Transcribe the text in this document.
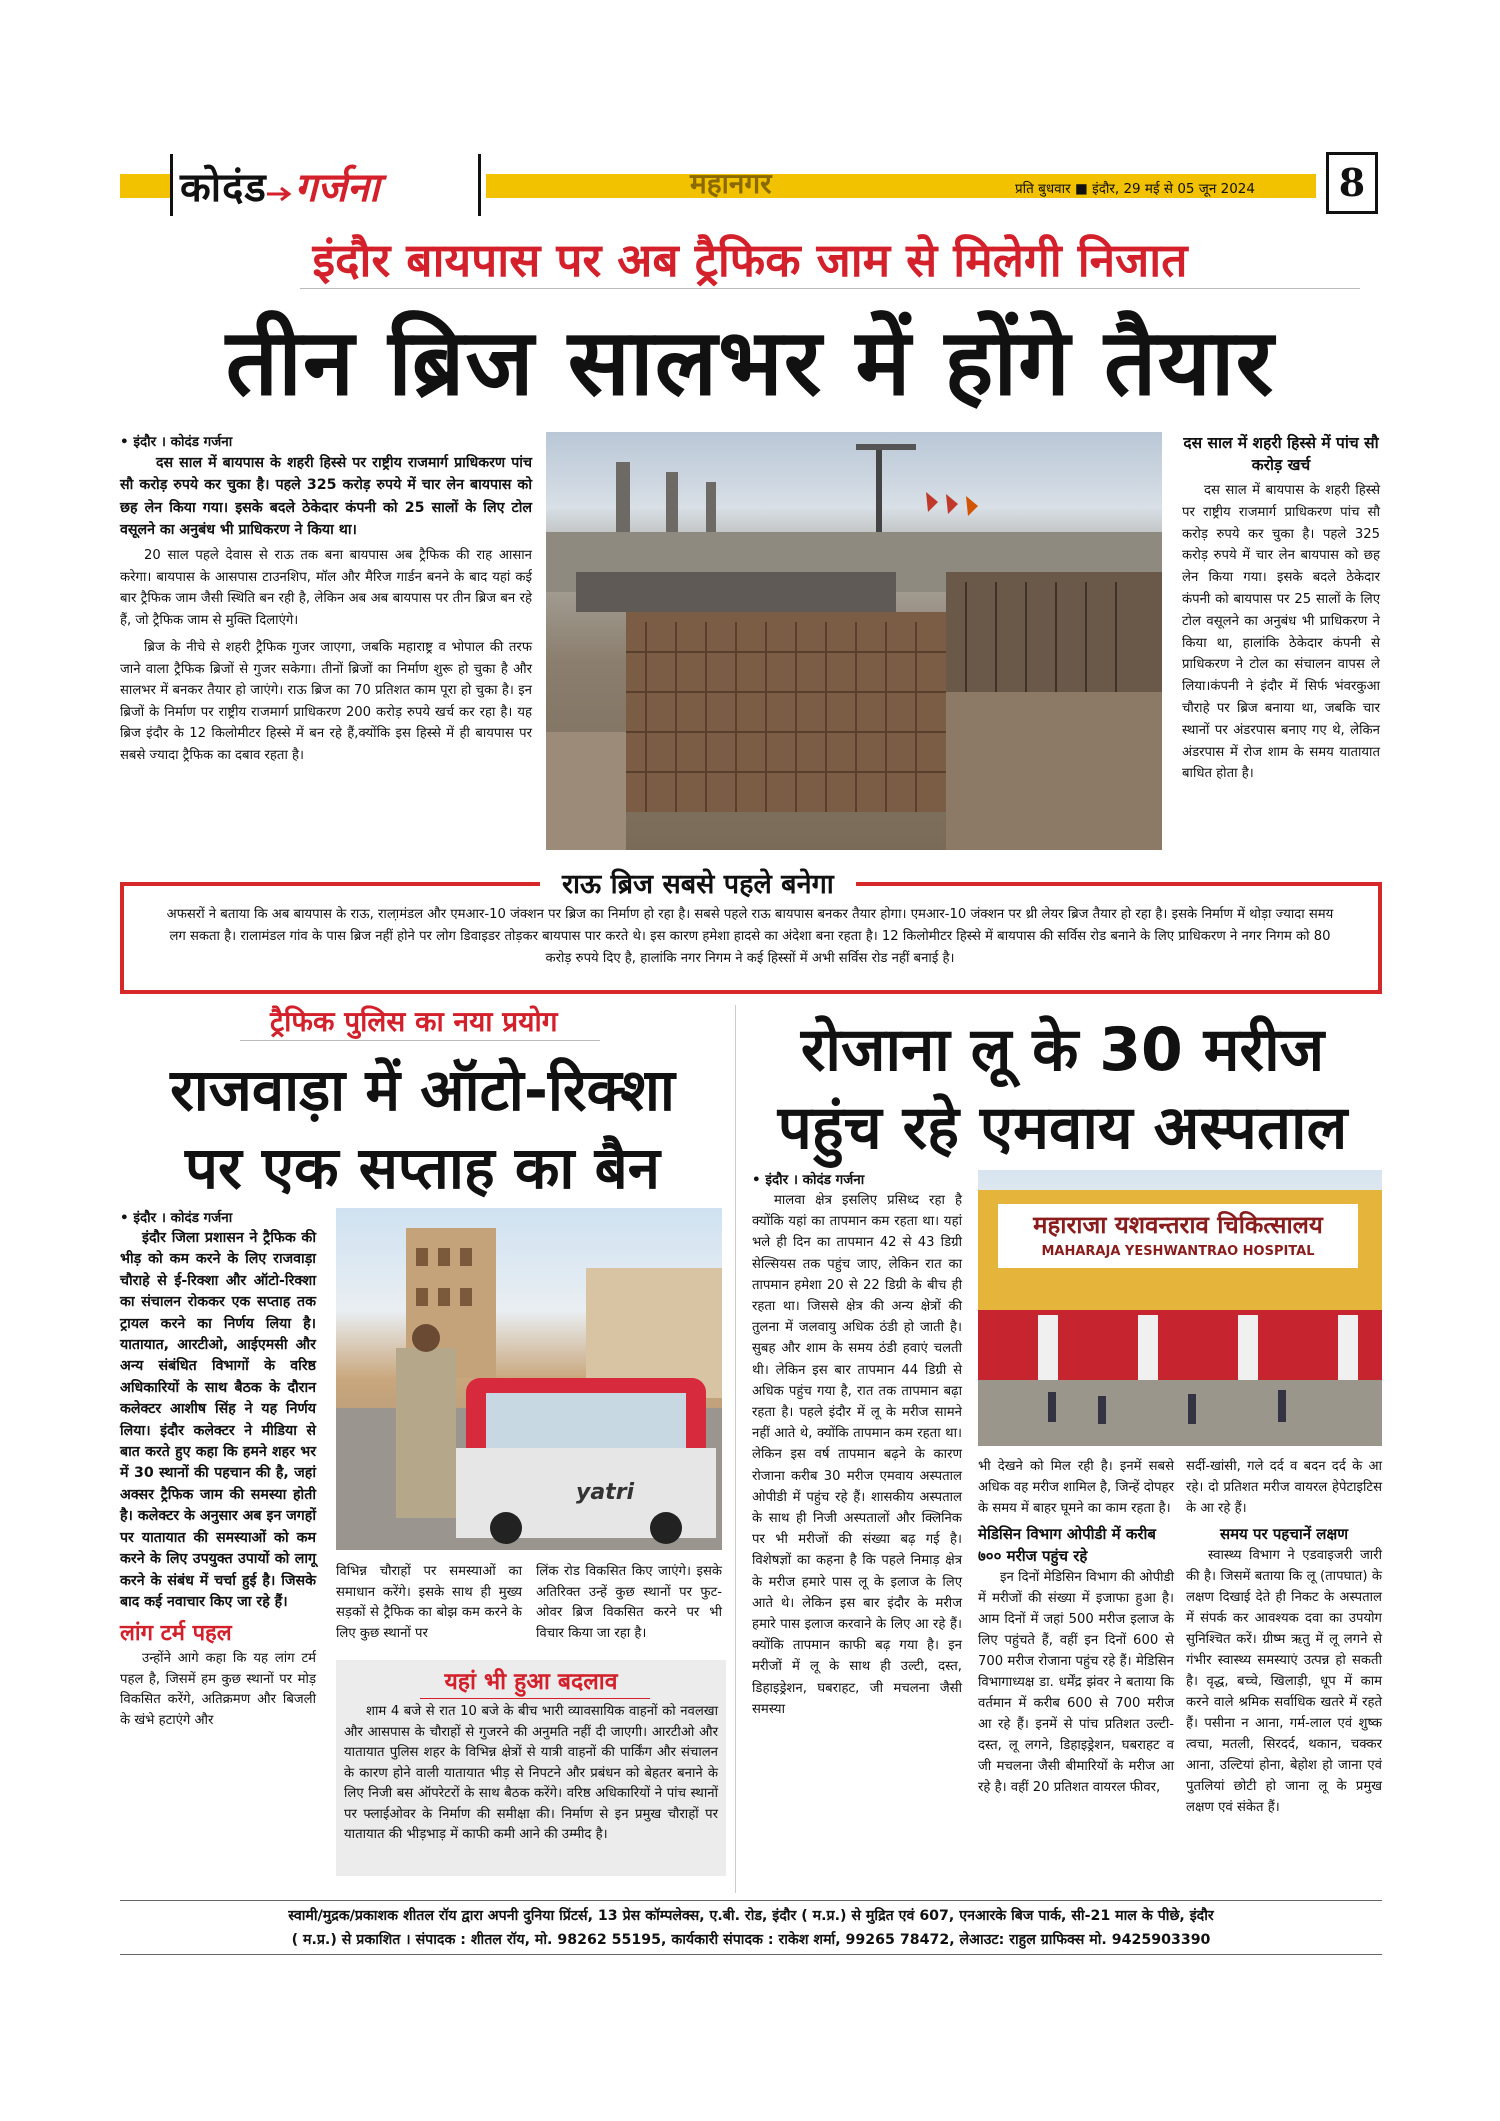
कोदंड गर्जना	महानगर	प्रति बुधवार ■ इंदौर, 29 मई से 05 जून 2024	8
इंदौर बायपास पर अब ट्रैफिक जाम से मिलेगी निजात
तीन ब्रिज सालभर में होंगे तैयार
• इंदौर । कोदंड गर्जना
दस साल में बायपास के शहरी हिस्से पर राष्ट्रीय राजमार्ग प्राधिकरण पांच सौ करोड़ रुपये कर चुका है। पहले 325 करोड़ रुपये में चार लेन बायपास को छह लेन किया गया। इसके बदले ठेकेदार कंपनी को 25 सालों के लिए टोल वसूलने का अनुबंध भी प्राधिकरण ने किया था।
20 साल पहले देवास से राऊ तक बना बायपास अब ट्रैफिक की राह आसान करेगा। बायपास के आसपास टाउनशिप, मॉल और मैरिज गार्डन बनने के बाद यहां कई बार ट्रैफिक जाम जैसी स्थिति बन रही है, लेकिन अब अब बायपास पर तीन ब्रिज बन रहे हैं, जो ट्रैफिक जाम से मुक्ति दिलाएंगे।
ब्रिज के नीचे से शहरी ट्रैफिक गुजर जाएगा, जबकि महाराष्ट्र व भोपाल की तरफ जाने वाला ट्रैफिक ब्रिजों से गुजर सकेगा। तीनों ब्रिजों का निर्माण शुरू हो चुका है और सालभर में बनकर तैयार हो जाएंगे। राऊ ब्रिज का 70 प्रतिशत काम पूरा हो चुका है। इन ब्रिजों के निर्माण पर राष्ट्रीय राजमार्ग प्राधिकरण 200 करोड़ रुपये खर्च कर रहा है। यह ब्रिज इंदौर के 12 किलोमीटर हिस्से में बन रहे हैं,क्योंकि इस हिस्से में ही बायपास पर सबसे ज्यादा ट्रैफिक का दबाव रहता है।
दस साल में शहरी हिस्से में पांच सौ करोड़ खर्च
दस साल में बायपास के शहरी हिस्से पर राष्ट्रीय राजमार्ग प्राधिकरण पांच सौ करोड़ रुपये कर चुका है। पहले 325 करोड़ रुपये में चार लेन बायपास को छह लेन किया गया। इसके बदले ठेकेदार कंपनी को बायपास पर 25 सालों के लिए टोल वसूलने का अनुबंध भी प्राधिकरण ने किया था, हालांकि ठेकेदार कंपनी से प्राधिकरण ने टोल का संचालन वापस ले लिया।कंपनी ने इंदौर में सिर्फ भंवरकुआ चौराहे पर ब्रिज बनाया था, जबकि चार स्थानों पर अंडरपास बनाए गए थे, लेकिन अंडरपास में रोज शाम के समय यातायात बाधित होता है।
राऊ ब्रिज सबसे पहले बनेगा
अफसरों ने बताया कि अब बायपास के राऊ, राला़मंडल और एमआर-10 जंक्शन पर ब्रिज का निर्माण हो रहा है। सबसे पहले राऊ बायपास बनकर तैयार होगा। एमआर-10 जंक्शन पर थ्री लेयर ब्रिज तैयार हो रहा है। इसके निर्माण में थोड़ा ज्यादा समय लग सकता है। रालामंडल गांव के पास ब्रिज नहीं होने पर लोग डिवाइडर तोड़कर बायपास पार करते थे। इस कारण हमेशा हादसे का अंदेशा बना रहता है। 12 किलोमीटर हिस्से में बायपास की सर्विस रोड बनाने के लिए प्राधिकरण ने नगर निगम को 80 करोड़ रुपये दिए है, हालांकि नगर निगम ने कई हिस्सों में अभी सर्विस रोड नहीं बनाई है।
ट्रैफिक पुलिस का नया प्रयोग
राजवाड़ा में ऑटो-रिक्शा
पर एक सप्ताह का बैन
• इंदौर । कोदंड गर्जना
इंदौर जिला प्रशासन ने ट्रैफिक की भीड़ को कम करने के लिए राजवाड़ा चौराहे से ई-रिक्शा और ऑटो-रिक्शा का संचालन रोककर एक सप्ताह तक ट्रायल करने का निर्णय लिया है। यातायात, आरटीओ, आईएमसी और अन्य संबंधित विभागों के वरिष्ठ अधिकारियों के साथ बैठक के दौरान कलेक्टर आशीष सिंह ने यह निर्णय लिया। इंदौर कलेक्टर ने मीडिया से बात करते हुए कहा कि हमने शहर भर में 30 स्थानों की पहचान की है, जहां अक्सर ट्रैफिक जाम की समस्या होती है। कलेक्टर के अनुसार अब इन जगहों पर यातायात की समस्याओं को कम करने के लिए उपयुक्त उपायों को लागू करने के संबंध में चर्चा हुई है। जिसके बाद कई नवाचार किए जा रहे हैं।
लांग टर्म पहल
उन्होंने आगे कहा कि यह लांग टर्म पहल है, जिसमें हम कुछ स्थानों पर मोड़ विकसित करेंगे, अतिक्रमण और बिजली के खंभे हटाएंगे और
yatri
विभिन्न चौराहों पर समस्याओं का समाधान करेंगे। इसके साथ ही मुख्य सड़कों से ट्रैफिक का बोझ कम करने के लिए कुछ स्थानों पर
लिंक रोड विकसित किए जाएंगे। इसके अतिरिक्त उन्हें कुछ स्थानों पर फुट-ओवर ब्रिज विकसित करने पर भी विचार किया जा रहा है।
यहां भी हुआ बदलाव
शाम 4 बजे से रात 10 बजे के बीच भारी व्यावसायिक वाहनों को नवलखा और आसपास के चौराहों से गुजरने की अनुमति नहीं दी जाएगी। आरटीओ और यातायात पुलिस शहर के विभिन्न क्षेत्रों से यात्री वाहनों की पार्किंग और संचालन के कारण होने वाली यातायात भीड़ से निपटने और प्रबंधन को बेहतर बनाने के लिए निजी बस ऑपरेटरों के साथ बैठक करेंगे। वरिष्ठ अधिकारियों ने पांच स्थानों पर फ्लाईओवर के निर्माण की समीक्षा की। निर्माण से इन प्रमुख चौराहों पर यातायात की भीड़भाड़ में काफी कमी आने की उम्मीद है।
रोजाना लू के 30 मरीज
पहुंच रहे एमवाय अस्पताल
• इंदौर । कोदंड गर्जना
मालवा क्षेत्र इसलिए प्रसिध्द रहा है क्योंकि यहां का तापमान कम रहता था। यहां भले ही दिन का तापमान 42 से 43 डिग्री सेल्सियस तक पहुंच जाए, लेकिन रात का तापमान हमेशा 20 से 22 डिग्री के बीच ही रहता था। जिससे क्षेत्र की अन्य क्षेत्रों की तुलना में जलवायु अधिक ठंडी हो जाती है। सुबह और शाम के समय ठंडी हवाएं चलती थी। लेकिन इस बार तापमान 44 डिग्री से अधिक पहुंच गया है, रात तक तापमान बढ़ा रहता है। पहले इंदौर में लू के मरीज सामने नहीं आते थे, क्योंकि तापमान कम रहता था। लेकिन इस वर्ष तापमान बढ़ने के कारण रोजाना करीब 30 मरीज एमवाय अस्पताल ओपीडी में पहुंच रहे हैं। शासकीय अस्पताल के साथ ही निजी अस्पतालों और क्लिनिक पर भी मरीजों की संख्या बढ़ गई है। विशेषज्ञों का कहना है कि पहले निमाड़ क्षेत्र के मरीज हमारे पास लू के इलाज के लिए आते थे। लेकिन इस बार इंदौर के मरीज हमारे पास इलाज करवाने के लिए आ रहे हैं। क्योंकि तापमान काफी बढ़ गया है। इन मरीजों में लू के साथ ही उल्टी, दस्त, डिहाइड्रेशन, घबराहट, जी मचलना जैसी समस्या
महाराजा यशवन्तराव चिकित्सालय
MAHARAJA YESHWANTRAO HOSPITAL
भी देखने को मिल रही है। इनमें सबसे अधिक वह मरीज शामिल है, जिन्हें दोपहर के समय में बाहर घूमने का काम रहता है।
मेडिसिन विभाग ओपीडी में करीब ७०० मरीज पहुंच रहे
इन दिनों मेडिसिन विभाग की ओपीडी में मरीजों की संख्या में इजाफा हुआ है। आम दिनों में जहां 500 मरीज इलाज के लिए पहुंचते हैं, वहीं इन दिनों 600 से 700 मरीज रोजाना पहुंच रहे हैं। मेडिसिन विभागाध्यक्ष डा. धर्मेंद्र झंवर ने बताया कि वर्तमान में करीब 600 से 700 मरीज आ रहे हैं। इनमें से पांच प्रतिशत उल्टी-दस्त, लू लगने, डिहाइड्रेशन, घबराहट व जी मचलना जैसी बीमारियों के मरीज आ रहे है। वहीं 20 प्रतिशत वायरल फीवर,
सर्दी-खांसी, गले दर्द व बदन दर्द के आ रहे। दो प्रतिशत मरीज वायरल हेपेटाइटिस के आ रहे हैं।
समय पर पहचानें लक्षण
स्वास्थ्य विभाग ने एडवाइजरी जारी की है। जिसमें बताया कि लू (तापघात) के लक्षण दिखाई देते ही निकट के अस्पताल में संपर्क कर आवश्यक दवा का उपयोग सुनिश्चित करें। ग्रीष्म ऋतु में लू लगने से गंभीर स्वास्थ्य समस्याएं उत्पन्न हो सकती है। वृद्ध, बच्चे, खिलाड़ी, धूप में काम करने वाले श्रमिक सर्वाधिक खतरे में रहते हैं। पसीना न आना, गर्म-लाल एवं शुष्क त्वचा, मतली, सिरदर्द, थकान, चक्कर आना, उल्टियां होना, बेहोश हो जाना एवं पुतलियां छोटी हो जाना लू के प्रमुख लक्षण एवं संकेत हैं।
स्वामी/मुद्रक/प्रकाशक शीतल रॉय द्वारा अपनी दुनिया प्रिंटर्स, 13 प्रेस कॉम्पलेक्स, ए.बी. रोड, इंदौर ( म.प्र.) से मुद्रित एवं 607, एनआरके बिज पार्क, सी-21 माल के पीछे, इंदौर
( म.प्र.) से प्रकाशित । संपादक : शीतल रॉय, मो. 98262 55195, कार्यकारी संपादक : राकेश शर्मा, 99265 78472, लेआउट: राहुल ग्राफिक्स मो. 9425903390
